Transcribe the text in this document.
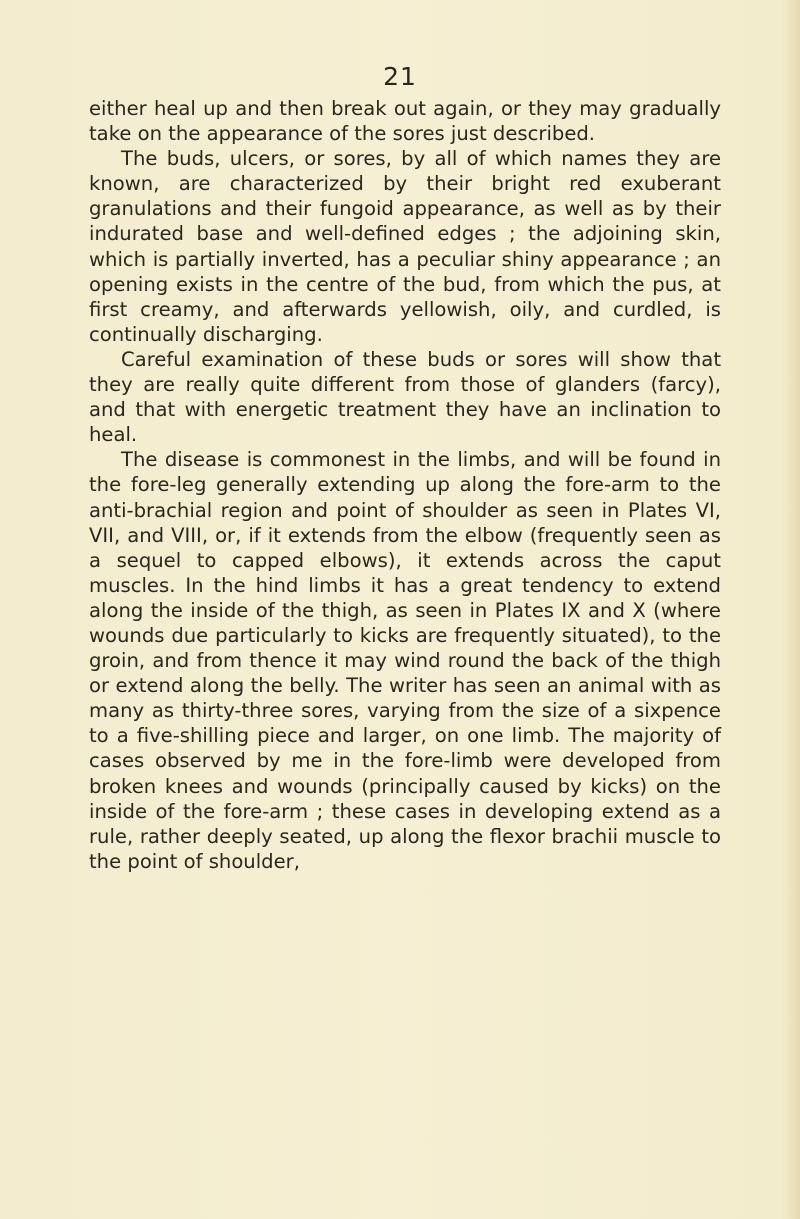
21

either heal up and then break out again, or they may gradually take on the appearance of the sores just described.

The buds, ulcers, or sores, by all of which names they are known, are characterized by their bright red exuberant granulations and their fungoid appearance, as well as by their indurated base and well-defined edges ; the adjoining skin, which is partially inverted, has a peculiar shiny appearance ; an opening exists in the centre of the bud, from which the pus, at first creamy, and afterwards yellowish, oily, and curdled, is continually discharging.

Careful examination of these buds or sores will show that they are really quite different from those of glanders (farcy), and that with energetic treatment they have an inclination to heal.

The disease is commonest in the limbs, and will be found in the fore-leg generally extending up along the fore-arm to the anti-brachial region and point of shoulder as seen in Plates VI, VII, and VIII, or, if it extends from the elbow (frequently seen as a sequel to capped elbows), it extends across the caput muscles. In the hind limbs it has a great tendency to extend along the inside of the thigh, as seen in Plates IX and X (where wounds due particularly to kicks are frequently situated), to the groin, and from thence it may wind round the back of the thigh or extend along the belly. The writer has seen an animal with as many as thirty-three sores, varying from the size of a sixpence to a five-shilling piece and larger, on one limb. The majority of cases observed by me in the fore-limb were developed from broken knees and wounds (principally caused by kicks) on the inside of the fore-arm ; these cases in developing extend as a rule, rather deeply seated, up along the flexor brachii muscle to the point of shoulder,
